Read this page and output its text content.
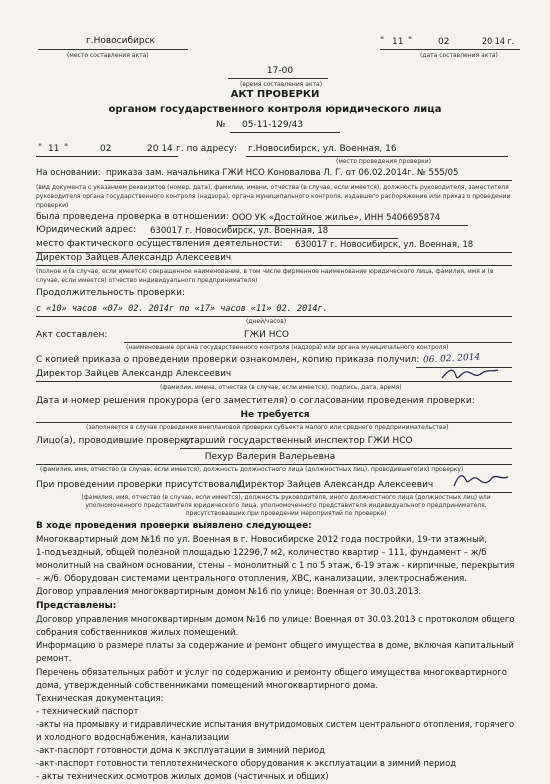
г.Новосибирск
(место составления акта)
" 11 "	02	20 14 г.
(дата составления акта)
17-00
(время составления акта)
АКТ ПРОВЕРКИ
органом государственного контроля юридического лица
№ 05-11-129/43
" 11 "	02	20 14 г. по адресу: г.Новосибирск, ул. Военная, 16
(место проведения проверки)
На основании: приказа зам. начальника ГЖИ НСО Коновалова Л. Г. от 06.02.2014г. № 555/05
(вид документа с указанием реквизитов (номер, дата), фамилии, имени, отчества (в случае, если имеется), должность руководителя, заместителя руководителя органа государственного контроля (надзора), органа муниципального контроля, издавшего распоряжение или приказ о проведении проверки)
была проведена проверка в отношении: ООО УК «Достойное жилье», ИНН 5406695874
Юридический адрес: 630017 г. Новосибирск, ул. Военная, 18
место фактического осуществления деятельности: 630017 г. Новосибирск, ул. Военная, 18
Директор Зайцев Александр Алексеевич
(полное и (в случае, если имеется) сокращенное наименование, в том числе фирменное наименование юридического лица, фамилия, имя и (в случае, если имеется) отчество индивидуального предпринимателя)
Продолжительность проверки:
с «10» часов «07» 02. 2014г по «17» часов «11» 02. 2014г.
(дней/часов)
Акт составлен:	ГЖИ НСО
(наименование органа государственного контроля (надзора) или органа муниципального контроля)
С копией приказа о проведении проверки ознакомлен, копию приказа получил: 06. 02. 2014
Директор Зайцев Александр Алексеевич
(фамилии, имена, отчества (в случае, если имеется), подпись, дата, время)
Дата и номер решения прокурора (его заместителя) о согласовании проведения проверки:
Не требуется
(заполняется в случае проведения внеплановой проверки субъекта малого или среднего предпринимательства)
Лицо(а), проводившие проверку:
старший государственный инспектор ГЖИ НСО
Пехур Валерия Валерьевна
(фамилия, имя, отчество (в случае, если имеется), должность должностного лица (должностных лиц), проводившего(их) проверку)
При проведении проверки присутствовали:
Директор Зайцев Александр Алексеевич
(фамилия, имя, отчество (в случае, если имеется), должность руководителя, иного должностного лица (должностных лиц) или уполномоченного представителя юридического лица, уполномоченного представителя индивидуального предпринимателя, присутствовавших при проведении мероприятий по проверке)
В ходе проведения проверки выявлено следующее:
Многоквартирный дом №16 по ул. Военная в г. Новосибирске 2012 года постройки, 19-ти этажный,
1-подъездный, общей полезной площадью 12296,7 м2, количество квартир – 111, фундамент – ж/б
монолитный на свайном основании, стены – монолитный с 1 по 5 этаж, 6-19 этаж - кирпичные, перекрытия
– ж/б. Оборудован системами центрального отопления, ХВС, канализации, электроснабжения.
Договор управления многоквартирным домом №16 по улице: Военная от 30.03.2013.
Представлены:
Договор управления многоквартирным домом №16 по улице: Военная от 30.03.2013 с протоколом общего
собрания собственников жилых помещений.
Информацию о размере платы за содержание и ремонт общего имущества в доме, включая капитальный
ремонт.
Перечень обязательных работ и услуг по содержанию и ремонту общего имущества многоквартирного
дома, утвержденный собственниками помещений многоквартирного дома.
Техническая документация:
- технический паспорт
-акты на промывку и гидравлические испытания внутридомовых систем центрального отопления, горячего
и холодного водоснабжения, канализации
-акт-паспорт готовности дома к эксплуатации в зимний период
-акт-паспорт готовности теплотехнического оборудования к эксплуатации в зимний период
- акты технических осмотров жилых домов (частичных и общих)
